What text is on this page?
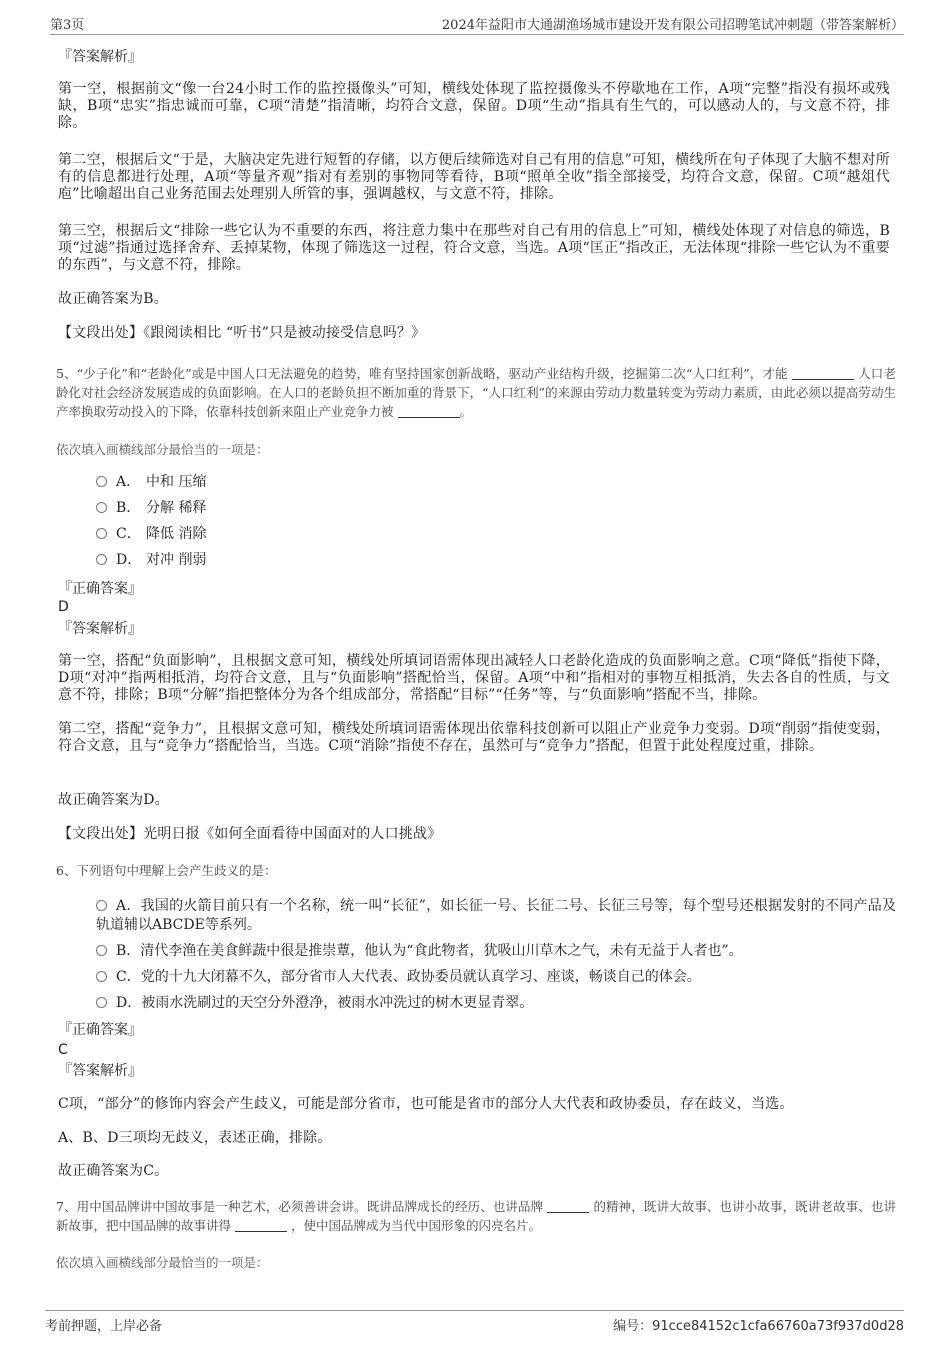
第3页	2024年益阳市大通湖渔场城市建设开发有限公司招聘笔试冲刺题（带答案解析）
『答案解析』
第一空，根据前文“像一台24小时工作的监控摄像头”可知，横线处体现了监控摄像头不停歇地在工作，A项“完整”指没有损坏或残缺，B项“忠实”指忠诚而可靠，C项“清楚”指清晰，均符合文意，保留。D项“生动”指具有生气的，可以感动人的，与文意不符，排除。
第二空，根据后文“于是，大脑决定先进行短暂的存储，以方便后续筛选对自己有用的信息”可知，横线所在句子体现了大脑不想对所有的信息都进行处理，A项“等量齐观”指对有差别的事物同等看待，B项“照单全收”指全部接受，均符合文意，保留。C项“越俎代庖”比喻超出自己业务范围去处理别人所管的事，强调越权，与文意不符，排除。
第三空，根据后文“排除一些它认为不重要的东西，将注意力集中在那些对自己有用的信息上”可知，横线处体现了对信息的筛选，B项“过滤”指通过选择舍弃、丢掉某物，体现了筛选这一过程，符合文意，当选。A项“匡正”指改正，无法体现“排除一些它认为不重要的东西”，与文意不符，排除。
故正确答案为B。
【文段出处】《跟阅读相比 “听书”只是被动接受信息吗？》
5、“少子化”和“老龄化”或是中国人口无法避免的趋势，唯有坚持国家创新战略，驱动产业结构升级，挖掘第二次“人口红利”，才能	人口老龄化对社会经济发展造成的负面影响。在人口的老龄负担不断加重的背景下，“人口红利”的来源由劳动力数量转变为劳动力素质，由此必须以提高劳动生产率换取劳动投入的下降，依靠科技创新来阻止产业竞争力被	。
依次填入画横线部分最恰当的一项是：
A． 中和 压缩
B． 分解 稀释
C． 降低 消除
D． 对冲 削弱
『正确答案』
D
『答案解析』
第一空，搭配“负面影响”，且根据文意可知，横线处所填词语需体现出减轻人口老龄化造成的负面影响之意。C项“降低”指使下降，D项“对冲”指两相抵消，均符合文意，且与“负面影响”搭配恰当，保留。A项“中和”指相对的事物互相抵消，失去各自的性质，与文意不符，排除；B项“分解”指把整体分为各个组成部分，常搭配“目标”“任务”等，与“负面影响”搭配不当，排除。
第二空，搭配“竞争力”，且根据文意可知，横线处所填词语需体现出依靠科技创新可以阻止产业竞争力变弱。D项“削弱”指使变弱，符合文意，且与“竞争力”搭配恰当，当选。C项“消除”指使不存在，虽然可与“竞争力”搭配，但置于此处程度过重，排除。
故正确答案为D。
【文段出处】光明日报《如何全面看待中国面对的人口挑战》
6、下列语句中理解上会产生歧义的是：
A．我国的火箭目前只有一个名称，统一叫“长征”，如长征一号、长征二号、长征三号等，每个型号还根据发射的不同产品及轨道辅以ABCDE等系列。
B．清代李渔在美食鲜蔬中很是推崇蕈，他认为“食此物者，犹吸山川草木之气，未有无益于人者也”。
C．党的十九大闭幕不久，部分省市人大代表、政协委员就认真学习、座谈，畅谈自己的体会。
D．被雨水洗刷过的天空分外澄净，被雨水冲洗过的树木更显青翠。
『正确答案』
C
『答案解析』
C项，“部分”的修饰内容会产生歧义，可能是部分省市，也可能是省市的部分人大代表和政协委员，存在歧义，当选。
A、B、D三项均无歧义，表述正确，排除。
故正确答案为C。
7、用中国品牌讲中国故事是一种艺术，必须善讲会讲。既讲品牌成长的经历、也讲品牌	的精神，既讲大故事、也讲小故事，既讲老故事、也讲新故事，把中国品牌的故事讲得	，使中国品牌成为当代中国形象的闪亮名片。
依次填入画横线部分最恰当的一项是：
考前押题，上岸必备	编号：91cce84152c1cfa66760a73f937d0d28
